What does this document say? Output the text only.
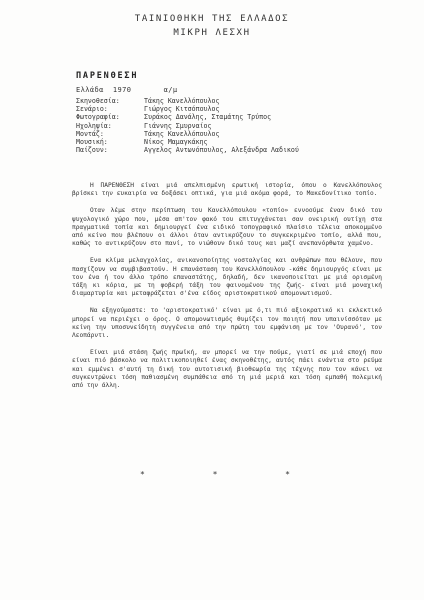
ΤΑΙΝΙΟΘΗΚΗ ΤΗΣ ΕΛΛΑΔΟΣ
ΜΙΚΡΗ ΛΕΣΧΗ
ΠΑΡΕΝΘΕΣΗ
Ελλάδα  1970       α/μ
Σκηνοθεσία:	Τάκης Κανελλόπουλος
Σενάριο:	Γιώργος Κιτσόπουλος
Φωτογραφία:	Συράκος Δανάλης, Σταμάτης Τρύπος
Ηχοληψία:	Γιάννης Σμυρναίος
Μοντάζ:	Τάκης Κανελλόπουλος
Μουσική:	Νίκος Μαμαγκάκης
Παίζουν:	Αγγελος Αντωνόπουλος, Αλεξάνδρα Λαδικού

Η ΠΑΡΕΝΘΕΣΗ είναι μιά απελπισμένη ερωτική ιστορία, όπου ο Κανελλόπουλος βρίσκει την ευκαιρία να δοξάσει οπτικά, για μιά ακόμα φορά, το Μακεδονίτικο τοπίο.

Οταν λέμε στην περίπτωση του Κανελλόπουλου «τοπίο» εννοούμε έναν δικό του ψυχολογικό χώρο που, μέσα απ'τον φακό του επιτυγχάνεται σαν ονειρική ουτίχη στα πραγματικά τοπία και δημιουργεί ένα ειδικό τοπογραφικό πλαίσιο τέλεια αποκομμένο από κείνο που βλέπουν οι άλλοι όταν αντικρύζουν το συγκεκριμένο τοπίο, αλλά που, καθώς το αντικρύζουν στο πανί, το νιώθουν δικό τους και μαζί ανεπανόρθωτα χαμένο.

Ενα κλίμα μελαγχολίας, ανικανοποίητης νοσταλγίας και ανθρώπων που θέλουν, που πασχίζουν να συμβιβαστούν. Η επανάσταση του Κανελλόπουλου -κάθε δημιουργός είναι με τον ένα ή τον άλλο τρόπο επαναστάτης, δηλαδή, δεν ικανοποιείται με μιά ορισμένη τάξη κι κόρια, με τη φοβερή τάξη του φαινομένου της ζωής- είναι μιά μοναχική διαμαρτυρία και μεταφράζεται σ'ένα είδος αριστοκρατικού απομονωτισμού.

Να εξηγούμαστε: το 'αριστοκρατικό' είναι με ό,τι πιό αξιοκρατικό κι εκλεκτικό μπορεί να περιέχει ο όρος. Ο απομονωτισμός θυμίζει τον ποιητή που υπαινίσσόταν με κείνη την υποσυνείδητη συγγένεια από την πρώτη του εμφάνιση με τον 'Ουρανό', τον Λεοπάρντι.

Είναι μιά στάση ζωής πρωϊκή, αν μπορεί να την πούμε, γιατί σε μιά εποχή που είναι πιό βάσκολο να πολιτικοποιηθεί ένας σκηνοθέτης, αυτός πάει ενάντια στο ρεύμα και εμμένει σ'αυτή τη δική του αυτοτισική βιοθεωρία της τέχνης που τον κάνει να συγκεντρώνει τόση παθιασμένη συμπάθεια από τη μιά μεριά και τόση εμπαθή πολεμική από την άλλη.

*	*	*
